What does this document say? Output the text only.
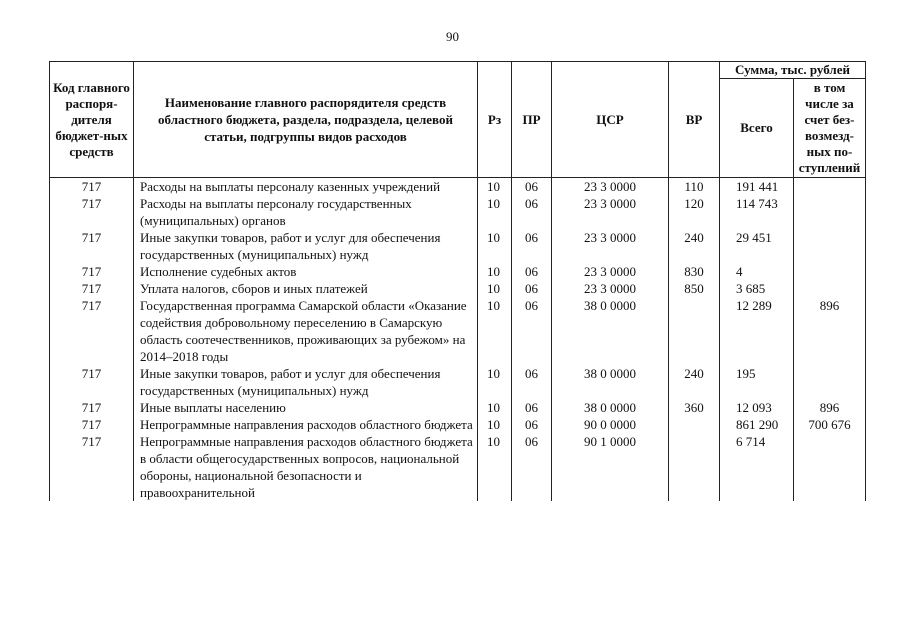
90
Код главного распоря-дителя бюджет-ных средств	Наименование главного распорядителя средств областного бюджета, раздела, подраздела, целевой статьи, подгруппы видов расходов	Рз	ПР	ЦСР	ВР	Сумма, тыс. рублей	
						Всего	в том числе за счет без-возмезд-ных по-ступлений
717	Расходы на выплаты персоналу казенных учреждений	10	06	23 3 0000	110	191 441	
717	Расходы на выплаты персоналу государственных (муниципальных) органов	10	06	23 3 0000	120	114 743	
717	Иные закупки товаров, работ и услуг для обеспечения государственных (муниципальных) нужд	10	06	23 3 0000	240	29 451	
717	Исполнение судебных актов	10	06	23 3 0000	830	4	
717	Уплата налогов, сборов и иных платежей	10	06	23 3 0000	850	3 685	
717	Государственная программа Самарской области «Оказание содействия добровольному переселению в Самарскую область соотечественников, проживающих за рубежом» на 2014–2018 годы	10	06	38 0 0000		12 289	896
717	Иные закупки товаров, работ и услуг для обеспечения государственных (муниципальных) нужд	10	06	38 0 0000	240	195	
717	Иные выплаты населению	10	06	38 0 0000	360	12 093	896
717	Непрограммные направления расходов областного бюджета	10	06	90 0 0000		861 290	700 676
717	Непрограммные направления расходов областного бюджета в области общегосударственных вопросов, национальной обороны, национальной безопасности и правоохранительной	10	06	90 1 0000		6 714	
